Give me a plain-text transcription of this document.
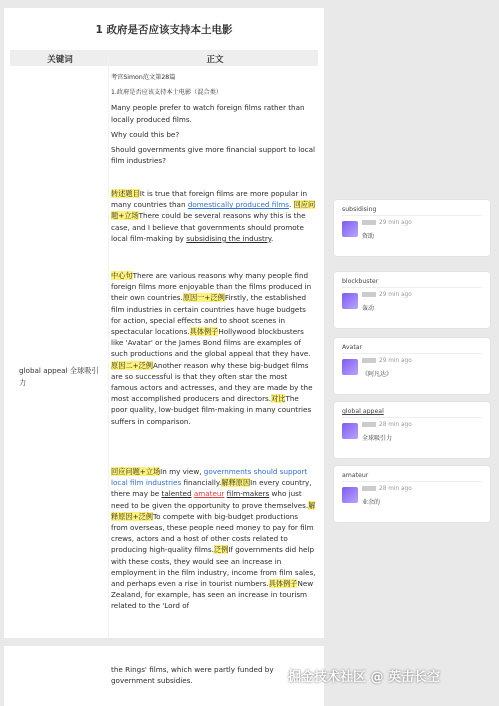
1 政府是否应该支持本土电影
关键词	正文
global appeal 全球吸引力
考官Simon范文第28篇
1.政府是否应该支持本土电影（混合类）
Many people prefer to watch foreign films rather than locally produced films.
Why could this be?
Should governments give more financial support to local film industries?
转述题目It is true that foreign films are more popular in many countries than domestically produced films. 回应问题+立场There could be several reasons why this is the case, and I believe that governments should promote local film-making by subsidising the industry.
中心句There are various reasons why many people find foreign films more enjoyable than the films produced in their own countries.原因一+泛例Firstly, the established film industries in certain countries have huge budgets for action, special effects and to shoot scenes in spectacular locations.具体例子Hollywood blockbusters like 'Avatar' or the James Bond films are examples of such productions and the global appeal that they have.原因二+泛例Another reason why these big-budget films are so successful is that they often star the most famous actors and actresses, and they are made by the most accomplished producers and directors.对比The poor quality, low-budget film-making in many countries suffers in comparison.
回应问题+立场In my view, governments should support local film industries financially.解释原因In every country, there may be talented amateur film-makers who just need to be given the opportunity to prove themselves.解释原因+泛例To compete with big-budget productions from overseas, these people need money to pay for film crews, actors and a host of other costs related to producing high-quality films.泛例If governments did help with these costs, they would see an increase in employment in the film industry, income from film sales, and perhaps even a rise in tourist numbers.具体例子New Zealand, for example, has seen an increase in tourism related to the 'Lord of
the Rings' films, which were partly funded by government subsidies.
subsidising
29 min ago
资助
blockbuster
29 min ago
轰动
Avatar
29 min ago
《阿凡达》
global appeal
28 min ago
全球吸引力
amateur
28 min ago
业余的
掘金技术社区 @ 英击长空
